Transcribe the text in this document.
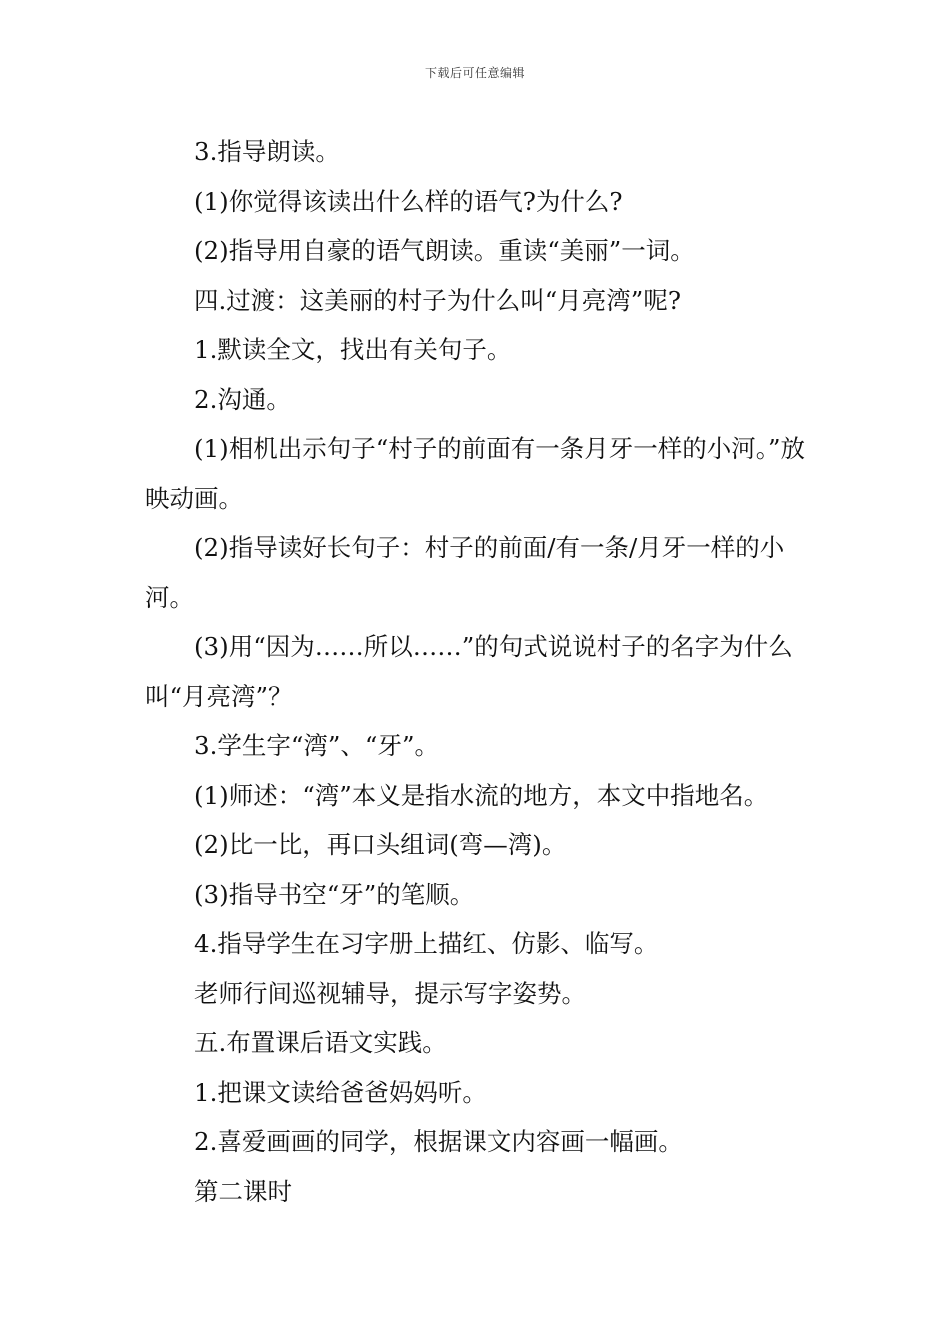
下载后可任意编辑

3.指导朗读。

(1)你觉得该读出什么样的语气?为什么?

(2)指导用自豪的语气朗读。重读“美丽”一词。

四.过渡：这美丽的村子为什么叫“月亮湾”呢?

1.默读全文，找出有关句子。

2.沟通。

(1)相机出示句子“村子的前面有一条月牙一样的小河。”放映动画。

(2)指导读好长句子：村子的前面/有一条/月牙一样的小河。

(3)用“因为……所以……”的句式说说村子的名字为什么叫“月亮湾”？

3.学生字“湾”、“牙”。

(1)师述：“湾”本义是指水流的地方，本文中指地名。

(2)比一比，再口头组词(弯—湾)。

(3)指导书空“牙”的笔顺。

4.指导学生在习字册上描红、仿影、临写。

老师行间巡视辅导，提示写字姿势。

五.布置课后语文实践。

1.把课文读给爸爸妈妈听。

2.喜爱画画的同学，根据课文内容画一幅画。

第二课时
